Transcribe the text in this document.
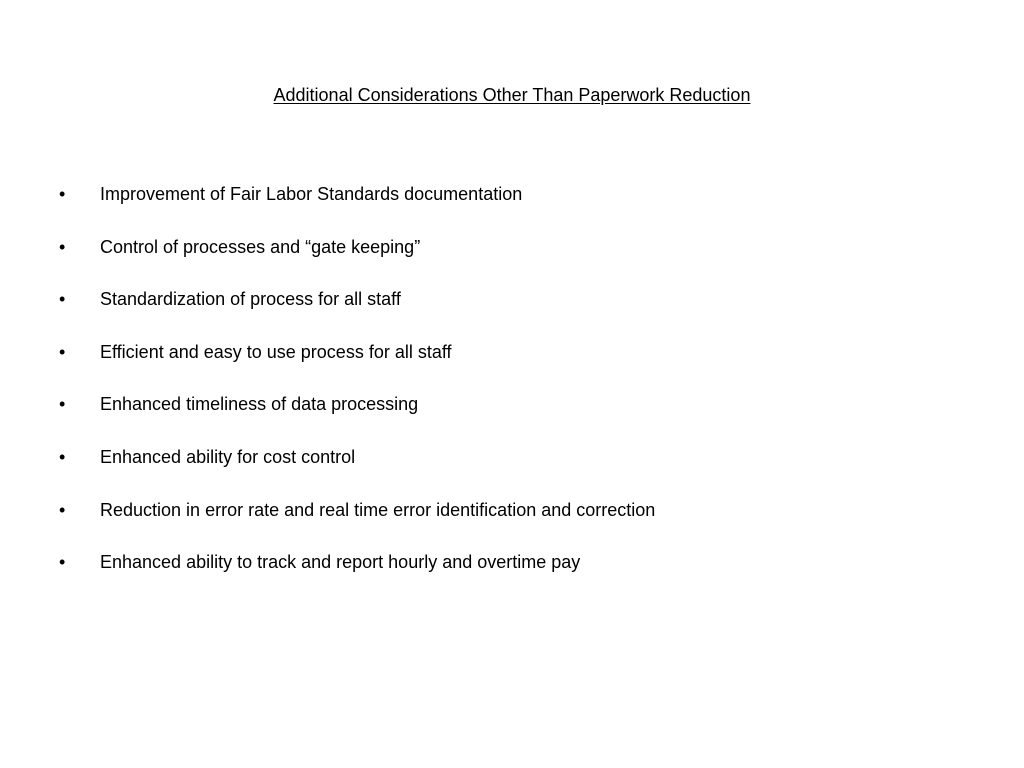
Additional Considerations Other Than Paperwork Reduction
•	Improvement of Fair Labor Standards documentation
•	Control of processes and “gate keeping”
•	Standardization of process for all staff
•	Efficient and easy to use process for all staff
•	Enhanced timeliness of data processing
•	Enhanced ability for cost control
•	Reduction in error rate and real time error identification and correction
•	Enhanced ability to track and report hourly and overtime pay
